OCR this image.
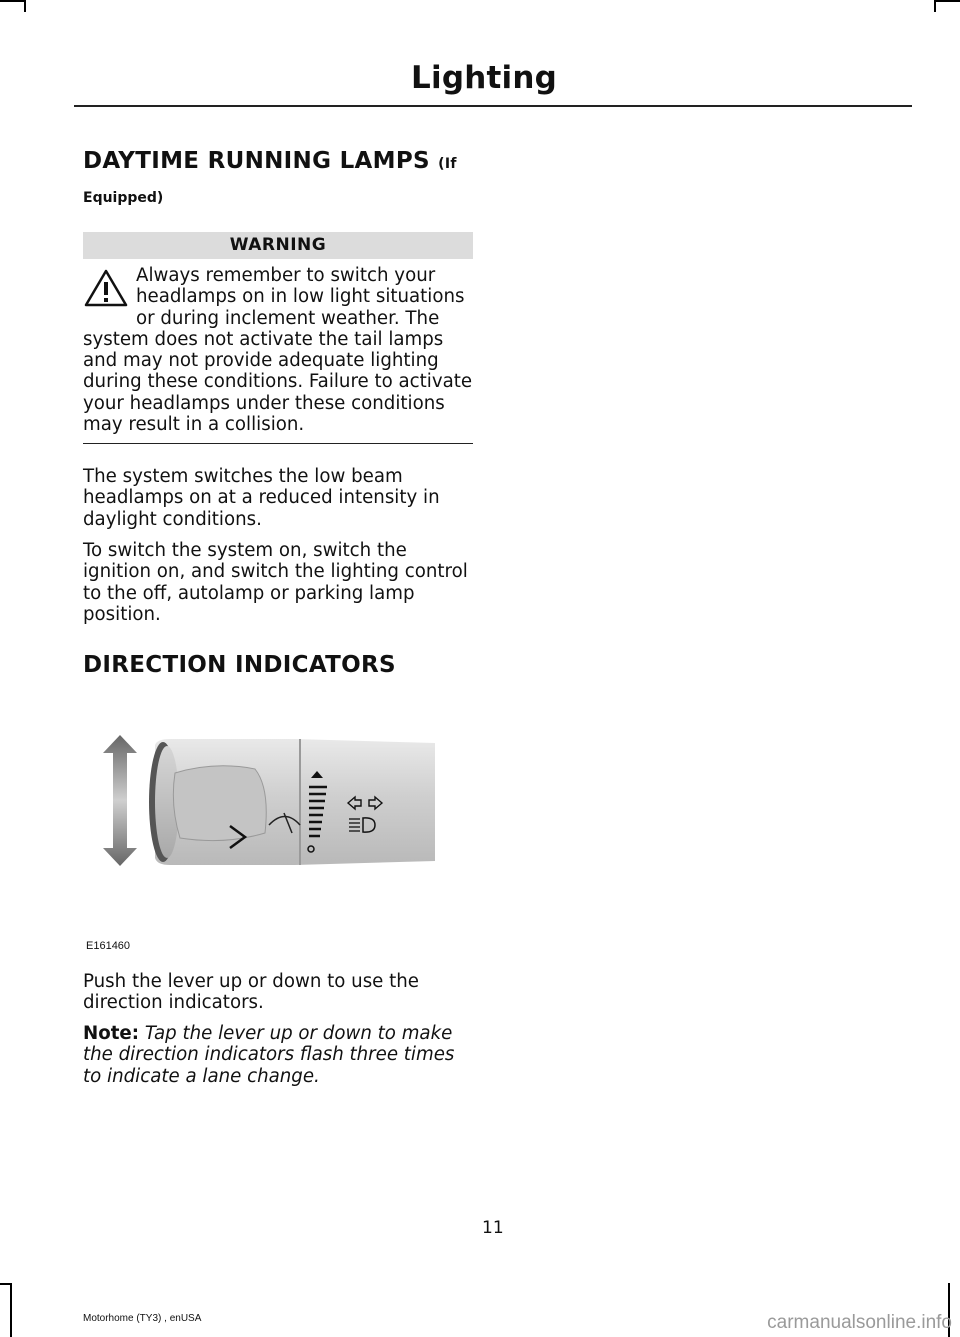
Lighting
DAYTIME RUNNING LAMPS (If
Equipped)
WARNING
Always remember to switch your headlamps on in low light situations or during inclement weather. The system does not activate the tail lamps and may not provide adequate lighting during these conditions. Failure to activate your headlamps under these conditions may result in a collision.

The system switches the low beam headlamps on at a reduced intensity in daylight conditions.

To switch the system on, switch the ignition on, and switch the lighting control to the off, autolamp or parking lamp position.

DIRECTION INDICATORS
E161460

Push the lever up or down to use the direction indicators.

Note: Tap the lever up or down to make the direction indicators flash three times to indicate a lane change.

11
Motorhome (TY3) , enUSA	carmanualsonline.info
